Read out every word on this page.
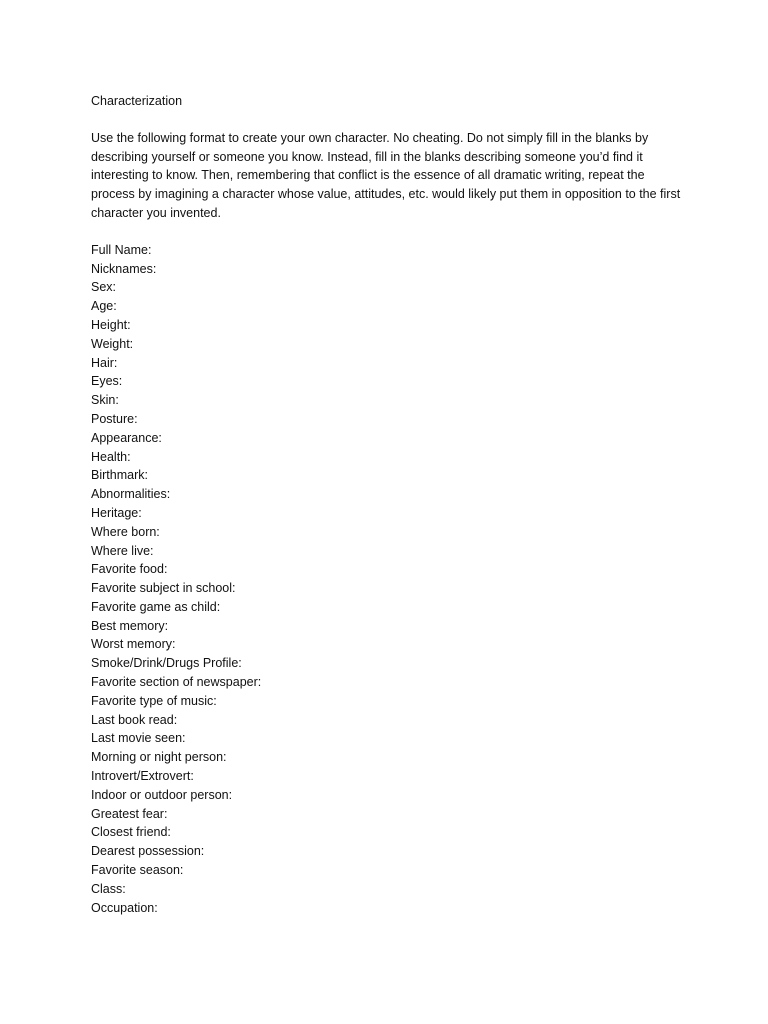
Characterization

Use the following format to create your own character. No cheating. Do not simply fill in the blanks by describing yourself or someone you know. Instead, fill in the blanks describing someone you’d find it interesting to know. Then, remembering that conflict is the essence of all dramatic writing, repeat the process by imagining a character whose value, attitudes, etc. would likely put them in opposition to the first character you invented.

Full Name:
Nicknames:
Sex:
Age:
Height:
Weight:
Hair:
Eyes:
Skin:
Posture:
Appearance:
Health:
Birthmark:
Abnormalities:
Heritage:
Where born:
Where live:
Favorite food:
Favorite subject in school:
Favorite game as child:
Best memory:
Worst memory:
Smoke/Drink/Drugs Profile:
Favorite section of newspaper:
Favorite type of music:
Last book read:
Last movie seen:
Morning or night person:
Introvert/Extrovert:
Indoor or outdoor person:
Greatest fear:
Closest friend:
Dearest possession:
Favorite season:
Class:
Occupation:
